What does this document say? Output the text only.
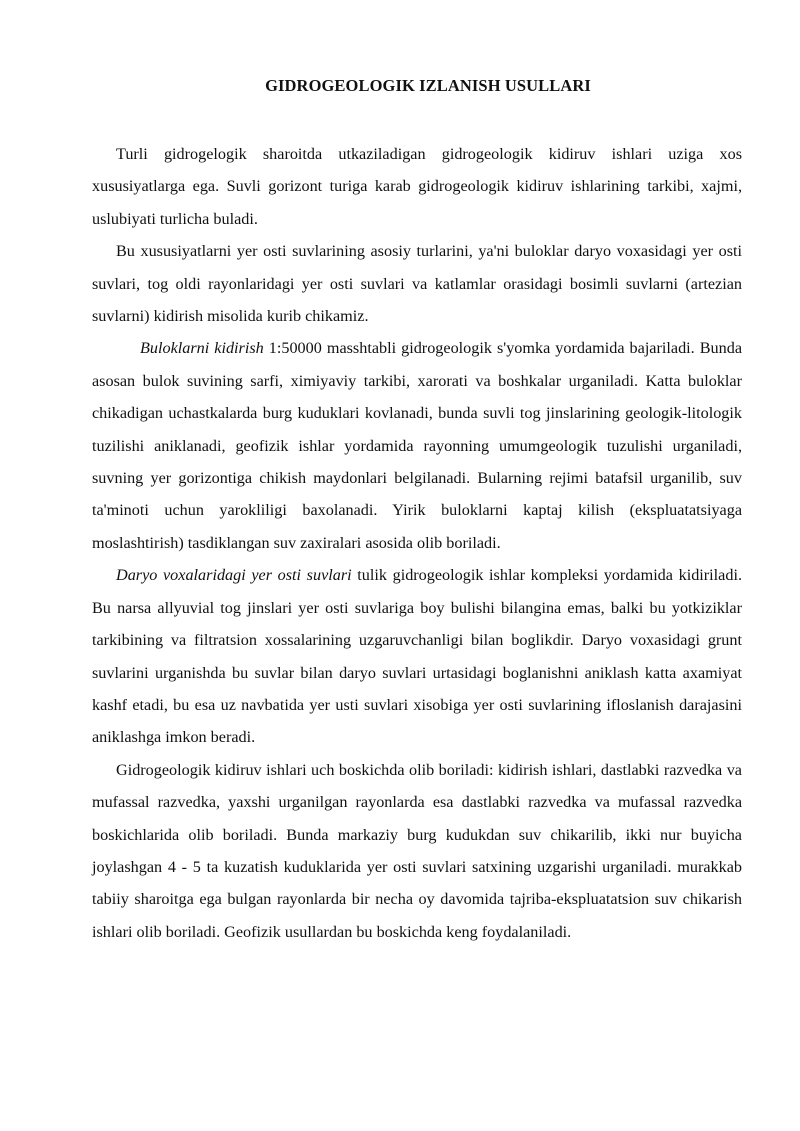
GIDROGEOLOGIK IZLANISH USULLARI

Turli gidrogelogik sharoitda utkaziladigan gidrogeologik kidiruv ishlari uziga xos xususiyatlarga ega. Suvli gorizont turiga karab gidrogeologik kidiruv ishlarining tarkibi, xajmi, uslubiyati turlicha buladi.

Bu xususiyatlarni yer osti suvlarining asosiy turlarini, ya'ni buloklar daryo voxasidagi yer osti suvlari, tog oldi rayonlaridagi yer osti suvlari va katlamlar orasidagi bosimli suvlarni (artezian suvlarni) kidirish misolida kurib chikamiz.

Buloklarni kidirish 1:50000 masshtabli gidrogeologik s'yomka yordamida bajariladi. Bunda asosan bulok suvining sarfi, ximiyaviy tarkibi, xarorati va boshkalar urganiladi. Katta buloklar chikadigan uchastkalarda burg kuduklari kovlanadi, bunda suvli tog jinslarining geologik-litologik tuzilishi aniklanadi, geofizik ishlar yordamida rayonning umumgeologik tuzulishi urganiladi, suvning yer gorizontiga chikish maydonlari belgilanadi. Bularning rejimi batafsil urganilib, suv ta'minoti uchun yarokliligi baxolanadi. Yirik buloklarni kaptaj kilish (ekspluatatsiyaga moslashtirish) tasdiklangan suv zaxiralari asosida olib boriladi.

Daryo voxalaridagi yer osti suvlari tulik gidrogeologik ishlar kompleksi yordamida kidiriladi. Bu narsa allyuvial tog jinslari yer osti suvlariga boy bulishi bilangina emas, balki bu yotkiziklar tarkibining va filtratsion xossalarining uzgaruvchanligi bilan boglikdir. Daryo voxasidagi grunt suvlarini urganishda bu suvlar bilan daryo suvlari urtasidagi boglanishni aniklash katta axamiyat kashf etadi, bu esa uz navbatida yer usti suvlari xisobiga yer osti suvlarining ifloslanish darajasini aniklashga imkon beradi.

Gidrogeologik kidiruv ishlari uch boskichda olib boriladi: kidirish ishlari, dastlabki razvedka va mufassal razvedka, yaxshi urganilgan rayonlarda esa dastlabki razvedka va mufassal razvedka boskichlarida olib boriladi. Bunda markaziy burg kudukdan suv chikarilib, ikki nur buyicha joylashgan 4 - 5 ta kuzatish kuduklarida yer osti suvlari satxining uzgarishi urganiladi. murakkab tabiiy sharoitga ega bulgan rayonlarda bir necha oy davomida tajriba-ekspluatatsion suv chikarish ishlari olib boriladi. Geofizik usullardan bu boskichda keng foydalaniladi.
